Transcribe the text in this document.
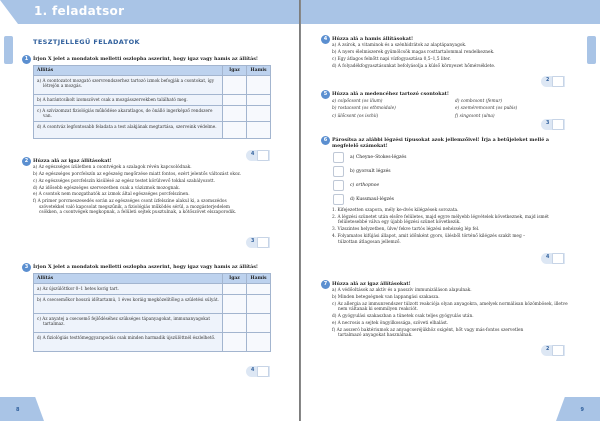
1. feladatsor
TESZTJELLEGŰ FELADATOK
1 Írjon X jelet a mondatok melletti oszlopba aszerint, hogy igaz vagy hamis az állítás!
Állítás	Igaz	Hamis

a) A csontozatot mozgató szervrendszerhez tartozó izmok befogják a csontokat, így létrejön a mozgás.		

b) A harántcsíkolt izomszövet csak a mozgásszervekben található meg.		

c) A szívizomzat fiziológiás működése akaratlagos, de önálló ingerképző rendszere van.		

d) A csontváz legfontosabb feladata a test alakjának megtartása, szerveink védelme.		

4
2 Húzza alá az igaz állításokat!
a) Az egészséges ízületben a csontvégek a szalagok révén kapcsolódnak.
b) Az egészséges porcfelszín az egészség megőrzése miatt fontos, ezért jelentős változást okoz.
c) Az egészséges porcfelszín kisülésé az egész testet körülvevő tokkal szabályozott.
d) Az idősebb egészséges szervezetben csak a vázizmok mozognak.
e) A csontok nem mozgathatók az izmok által egészséges porcfelszínen.
f) A primer porcmeszesedés során az egészséges csont ízfelszíne alakul ki, a szomszédos szövetekkel való kapcsolat megszűnik, a fiziológiás működés sérül, a mozgásterjedelem csökken, a csontvégek megkopnak, a felületi sejtek pusztulnak, a kötőszövet elszaporodik.
3
3 Írjon X jelet a mondatok melletti oszlopba aszerint, hogy igaz vagy hamis az állítás!
Állítás	Igaz	Hamis

a) Az újszülöttkor 0–1 hetes korig tart.		

b) A csecsemőkor hosszú időtartamú, 1 éves koráig megközelítőleg a születési súlyát.		

c) Az anyatej a csecsemő fejlődéséhez szükséges tápanyagokat, immunanyagokat tartalmaz.		

d) A fiziológiás testtömeggyarapodás csak minden harmadik újszülöttnél észlelhető.		

4
8
4 Húzza alá a hamis állításokat!
a) A zsírok, a vitaminok és a szénhidrátok az alaptápanyagok.
b) A nyers élelmiszerek gyümölcsök magas rosttartalommal rendelkeznek.
c) Egy átlagos felnőtt napi vízfogyasztása 0,5–1,5 liter.
d) A folyadékfogyasztásunkat befolyásolja a külső környezet hőmérséklete.
2
5 Húzza alá a medencéhez tartozó csontokat!
a) csípőcsont (os ilium)	d) combcsont (femur)
b) rostacsont (os ethmoidale)	e) szeméremcsont (os pubis)
c) ülőcsont (os ischii)	f) singcsont (ulna)
3
6 Párosítsa az alábbi légzési típusokat azok jellemzőivel! Írja a betűjeleket mellé a megfelelő számokat!
a) Cheyne–Stokes-légzés
b) gyorsult légzés
c) orthopnoe
d) Kussmaul-légzés
1. Kifejezetten szapora, mély ke-dvés kilégzések sorozata.
2. A légzési szünetet után elsőre felületes, majd egyre mélyebb légvételek következnek, majd ismét felületesebbé válva egy újabb légzési szünet következik.
3. Vízszintes helyzetben, ülve/ fekve tartós légzési nehézség lép fel.
4. Folyamatos kifújási állapot, amit időnként gyors, ülésből történő kilégzés szakít meg – túlzottan átlagosan jellemző.
4
7 Húzza alá az igaz állításokat!
a) A védőoltások az aktív és a passzív immunizáláson alapulnak.
b) Minden betegségnek van lappangási szakasza.
c) Az allergia az immunrendszer túlzott reakciója olyan anyagokra, amelyek normálisan közömbösek, illetve nem váltanak ki semmilyen reakciót.
d) A gyógyulási szakaszban a tünetek csak teljes gyógyulás után.
e) A necrosis a sejtek öngyilkossága, szöveti elhalást.
f) Az asszeró baktériumok az anyagcseréjükhöz oxigént, hőt vagy más-fontos szervetlen tartalmazó anyagokat használnak.
2
9
